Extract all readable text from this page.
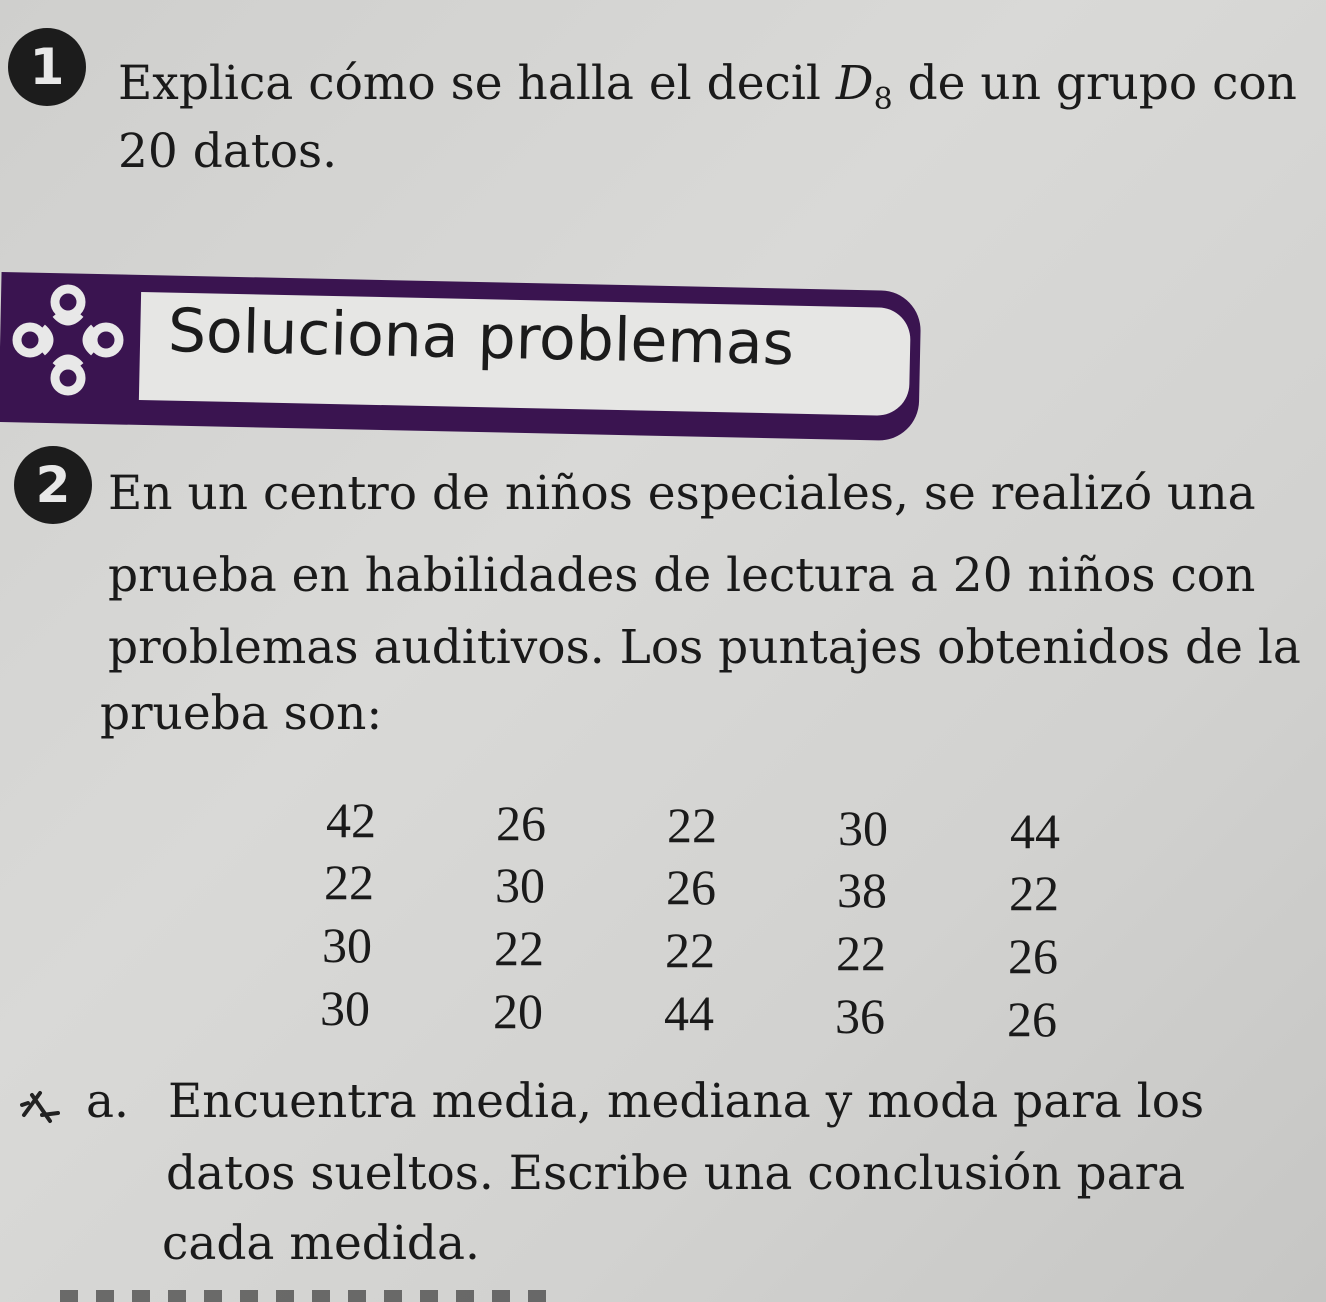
1	Explica cómo se halla el decil $D_8$ de un grupo con
20 datos.
Soluciona problemas
2 En un centro de niños especiales, se realizó una
prueba en habilidades de lectura a 20 niños con
problemas auditivos. Los puntajes obtenidos de la
prueba son:
42 26 22 30 44
22 30 26 38 22
30 22 22 22 26
30 20 44 36 26
a. Encuentra media, mediana y moda para los
datos sueltos. Escribe una conclusión para
cada medida.
